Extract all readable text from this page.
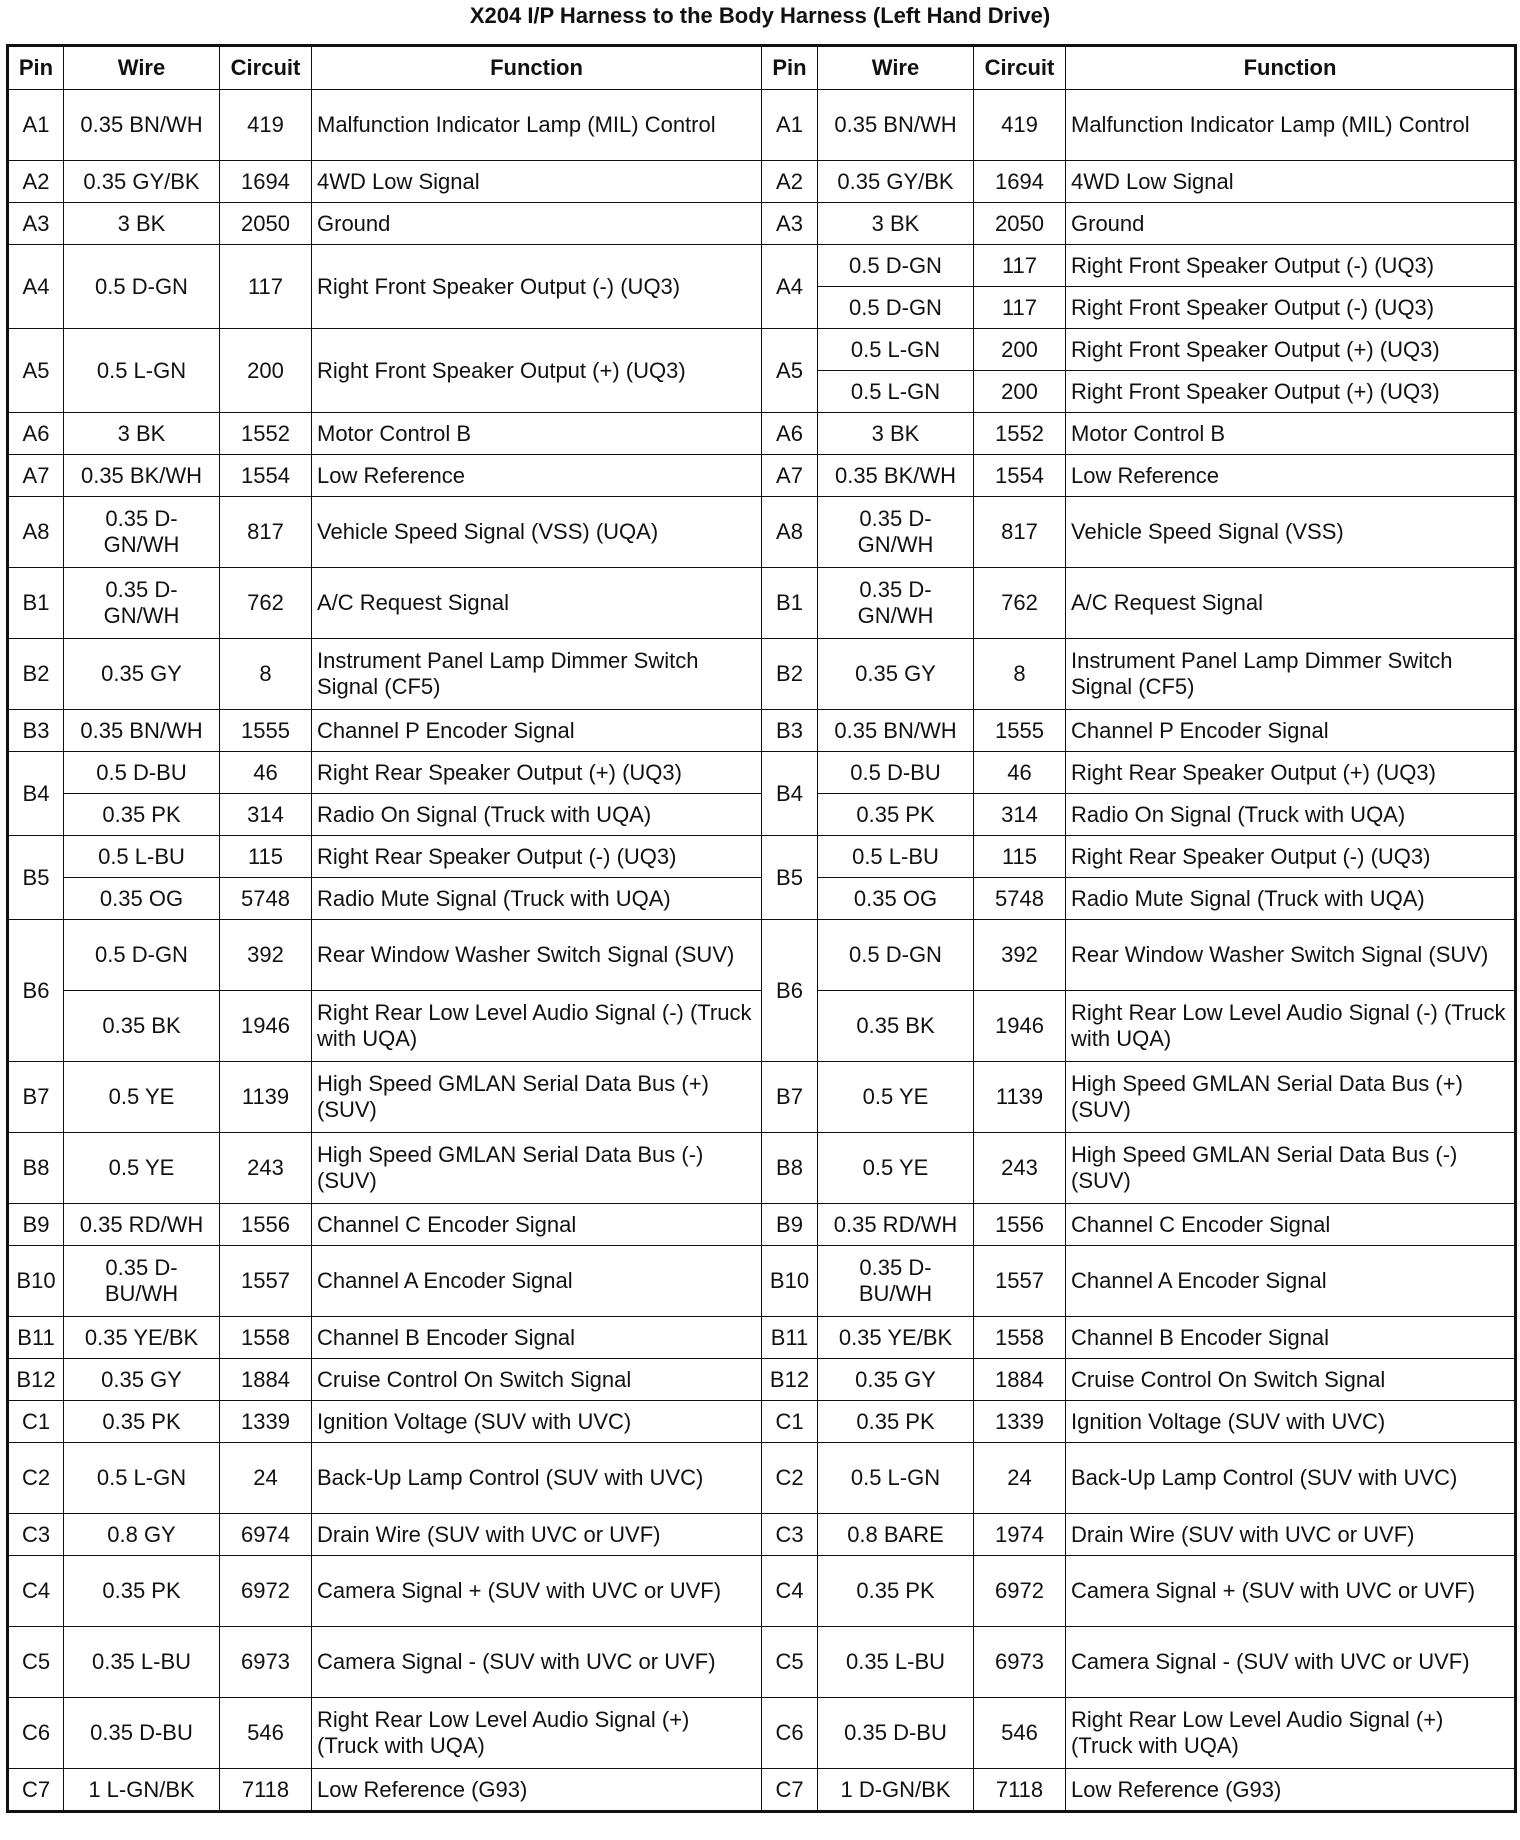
X204 I/P Harness to the Body Harness (Left Hand Drive)
Pin	Wire	Circuit	Function	Pin	Wire	Circuit	Function
A1	0.35 BN/WH	419	Malfunction Indicator Lamp (MIL) Control	A1	0.35 BN/WH	419	Malfunction Indicator Lamp (MIL) Control
A2	0.35 GY/BK	1694	4WD Low Signal	A2	0.35 GY/BK	1694	4WD Low Signal
A3	3 BK	2050	Ground	A3	3 BK	2050	Ground
A4	0.5 D-GN	117	Right Front Speaker Output (-) (UQ3)	A4	0.5 D-GN	117	Right Front Speaker Output (-) (UQ3)
					0.5 D-GN	117	Right Front Speaker Output (-) (UQ3)
A5	0.5 L-GN	200	Right Front Speaker Output (+) (UQ3)	A5	0.5 L-GN	200	Right Front Speaker Output (+) (UQ3)
					0.5 L-GN	200	Right Front Speaker Output (+) (UQ3)
A6	3 BK	1552	Motor Control B	A6	3 BK	1552	Motor Control B
A7	0.35 BK/WH	1554	Low Reference	A7	0.35 BK/WH	1554	Low Reference
A8	0.35 D-GN/WH	817	Vehicle Speed Signal (VSS) (UQA)	A8	0.35 D-GN/WH	817	Vehicle Speed Signal (VSS)
B1	0.35 D-GN/WH	762	A/C Request Signal	B1	0.35 D-GN/WH	762	A/C Request Signal
B2	0.35 GY	8	Instrument Panel Lamp Dimmer Switch Signal (CF5)	B2	0.35 GY	8	Instrument Panel Lamp Dimmer Switch Signal (CF5)
B3	0.35 BN/WH	1555	Channel P Encoder Signal	B3	0.35 BN/WH	1555	Channel P Encoder Signal
B4	0.5 D-BU	46	Right Rear Speaker Output (+) (UQ3)	B4	0.5 D-BU	46	Right Rear Speaker Output (+) (UQ3)
	0.35 PK	314	Radio On Signal (Truck with UQA)		0.35 PK	314	Radio On Signal (Truck with UQA)
B5	0.5 L-BU	115	Right Rear Speaker Output (-) (UQ3)	B5	0.5 L-BU	115	Right Rear Speaker Output (-) (UQ3)
	0.35 OG	5748	Radio Mute Signal (Truck with UQA)		0.35 OG	5748	Radio Mute Signal (Truck with UQA)
B6	0.5 D-GN	392	Rear Window Washer Switch Signal (SUV)	B6	0.5 D-GN	392	Rear Window Washer Switch Signal (SUV)
	0.35 BK	1946	Right Rear Low Level Audio Signal (-) (Truck with UQA)		0.35 BK	1946	Right Rear Low Level Audio Signal (-) (Truck with UQA)
B7	0.5 YE	1139	High Speed GMLAN Serial Data Bus (+) (SUV)	B7	0.5 YE	1139	High Speed GMLAN Serial Data Bus (+) (SUV)
B8	0.5 YE	243	High Speed GMLAN Serial Data Bus (-) (SUV)	B8	0.5 YE	243	High Speed GMLAN Serial Data Bus (-) (SUV)
B9	0.35 RD/WH	1556	Channel C Encoder Signal	B9	0.35 RD/WH	1556	Channel C Encoder Signal
B10	0.35 D-BU/WH	1557	Channel A Encoder Signal	B10	0.35 D-BU/WH	1557	Channel A Encoder Signal
B11	0.35 YE/BK	1558	Channel B Encoder Signal	B11	0.35 YE/BK	1558	Channel B Encoder Signal
B12	0.35 GY	1884	Cruise Control On Switch Signal	B12	0.35 GY	1884	Cruise Control On Switch Signal
C1	0.35 PK	1339	Ignition Voltage (SUV with UVC)	C1	0.35 PK	1339	Ignition Voltage (SUV with UVC)
C2	0.5 L-GN	24	Back-Up Lamp Control (SUV with UVC)	C2	0.5 L-GN	24	Back-Up Lamp Control (SUV with UVC)
C3	0.8 GY	6974	Drain Wire (SUV with UVC or UVF)	C3	0.8 BARE	1974	Drain Wire (SUV with UVC or UVF)
C4	0.35 PK	6972	Camera Signal + (SUV with UVC or UVF)	C4	0.35 PK	6972	Camera Signal + (SUV with UVC or UVF)
C5	0.35 L-BU	6973	Camera Signal - (SUV with UVC or UVF)	C5	0.35 L-BU	6973	Camera Signal - (SUV with UVC or UVF)
C6	0.35 D-BU	546	Right Rear Low Level Audio Signal (+) (Truck with UQA)	C6	0.35 D-BU	546	Right Rear Low Level Audio Signal (+) (Truck with UQA)
C7	1 L-GN/BK	7118	Low Reference (G93)	C7	1 D-GN/BK	7118	Low Reference (G93)
